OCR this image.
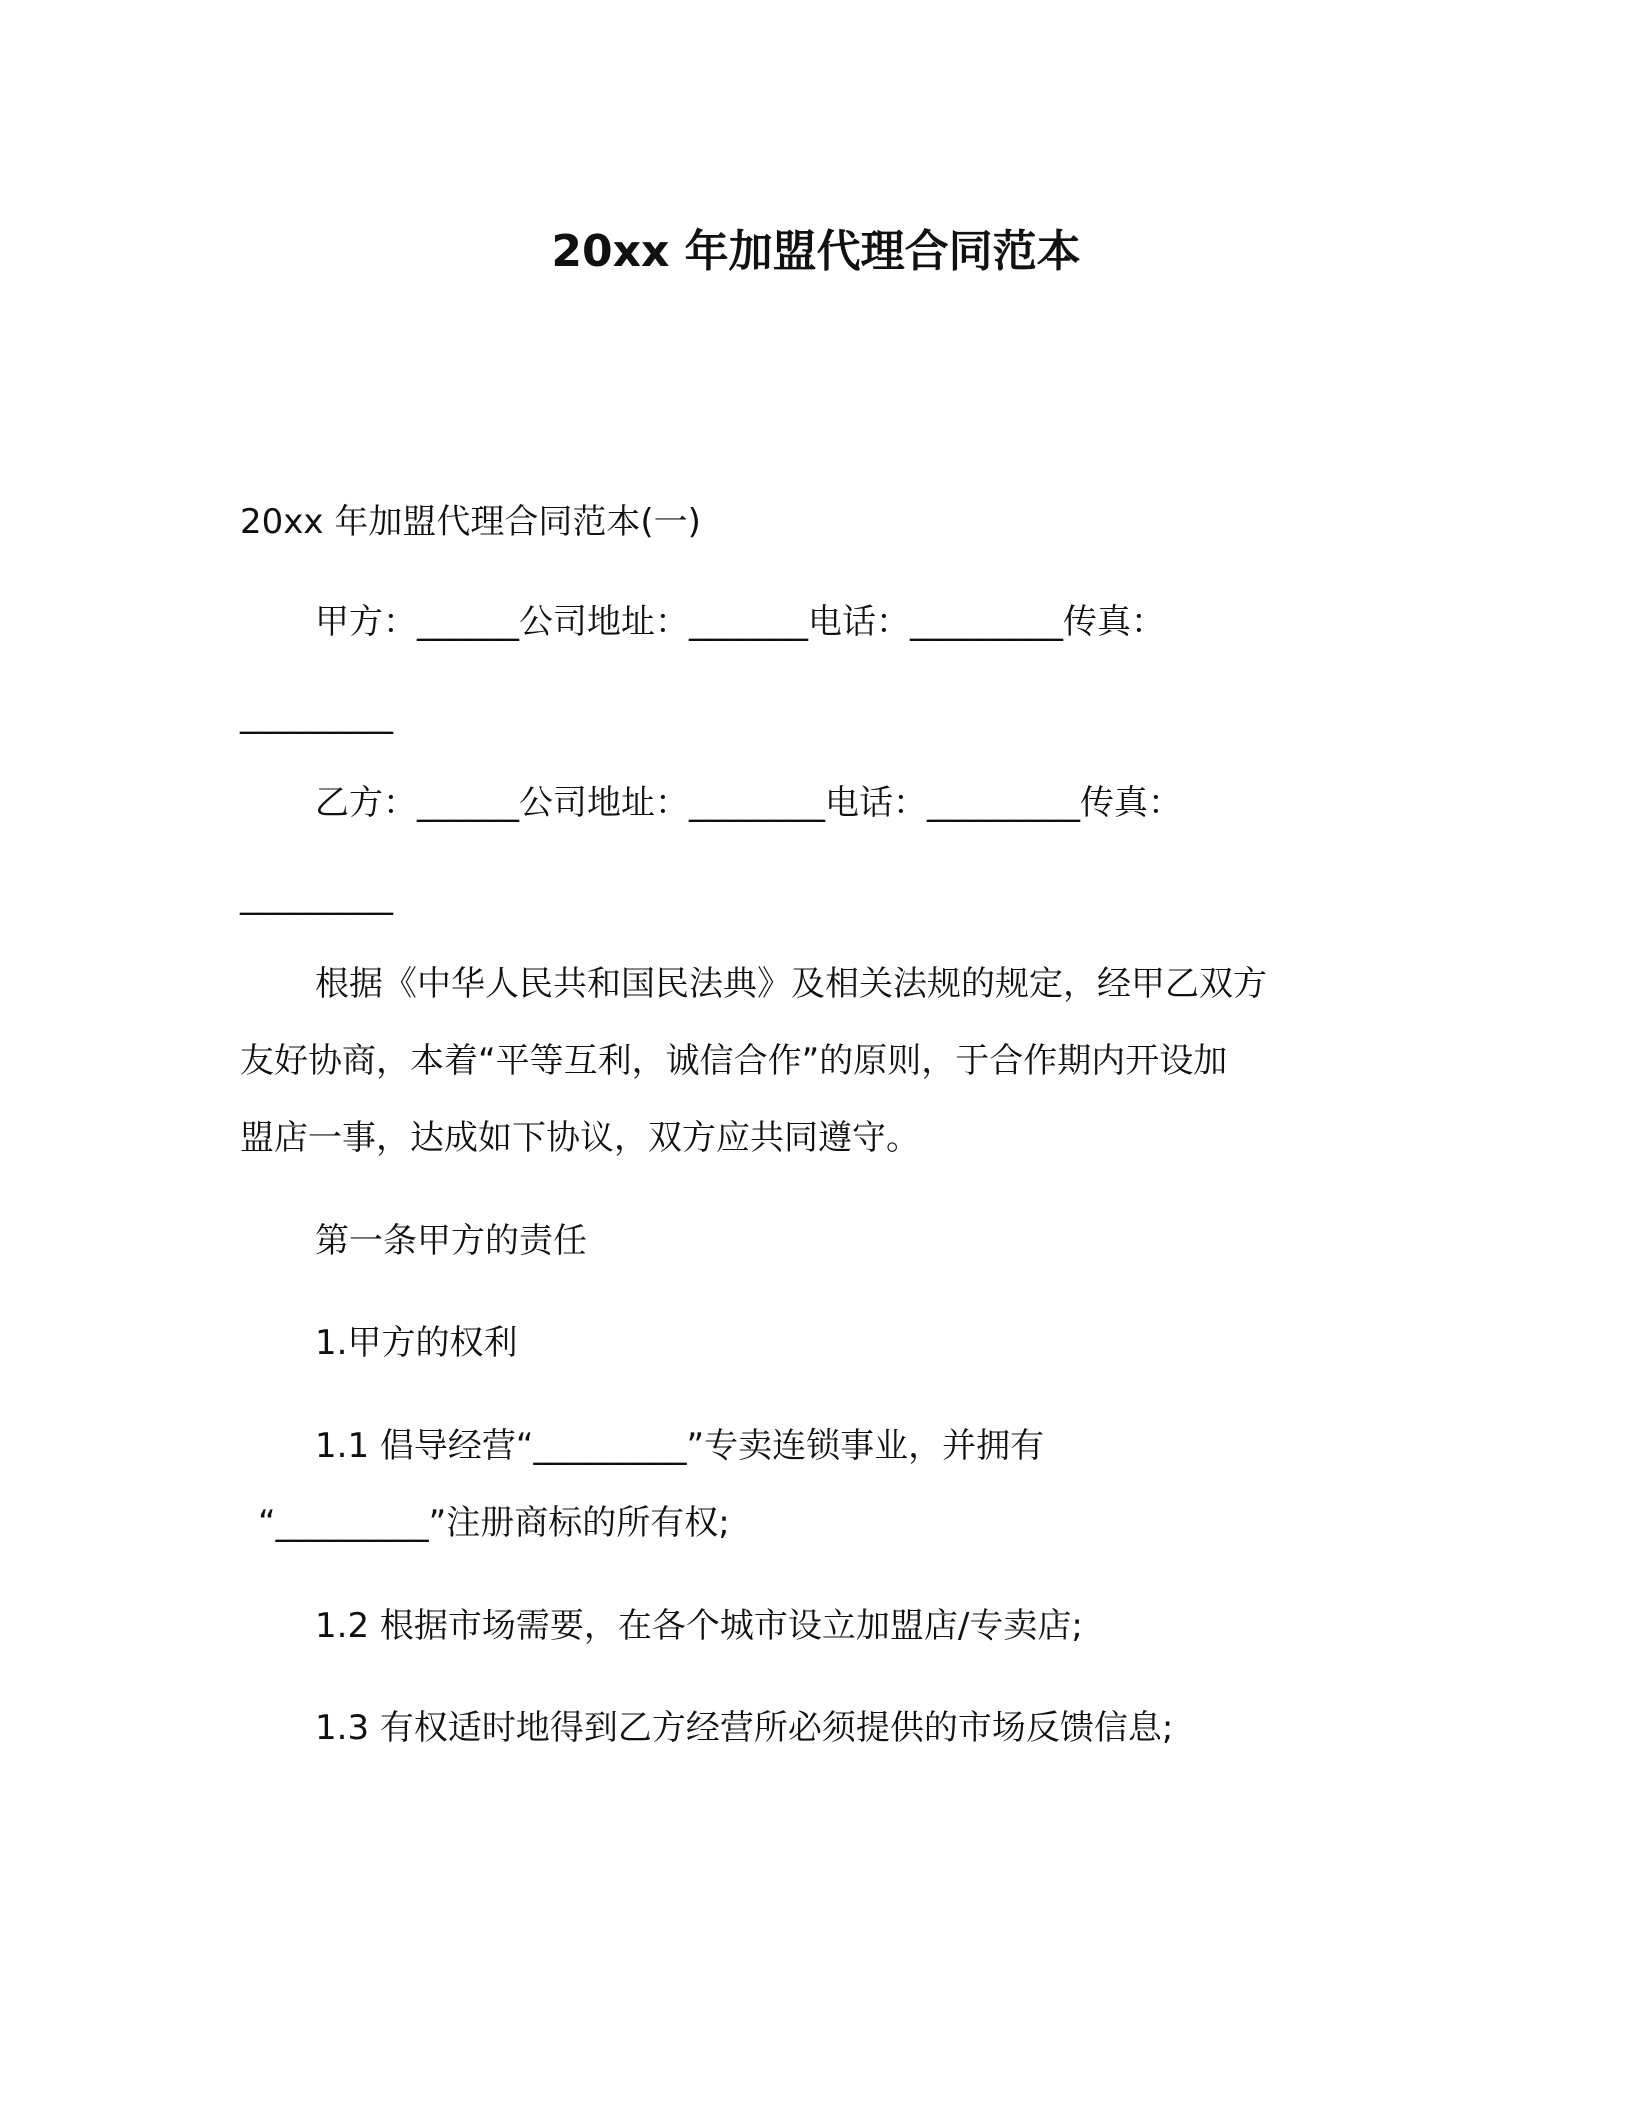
20xx 年加盟代理合同范本
20xx 年加盟代理合同范本(一)
甲方：______公司地址：_______电话：_________传真：
_________
乙方：______公司地址：________电话：_________传真：
_________
根据《中华人民共和国民法典》及相关法规的规定，经甲乙双方
友好协商，本着“平等互利，诚信合作”的原则，于合作期内开设加
盟店一事，达成如下协议，双方应共同遵守。
第一条甲方的责任
1.甲方的权利
1.1 倡导经营“_________”专卖连锁事业，并拥有
“_________”注册商标的所有权;
1.2 根据市场需要，在各个城市设立加盟店/专卖店;
1.3 有权适时地得到乙方经营所必须提供的市场反馈信息;
